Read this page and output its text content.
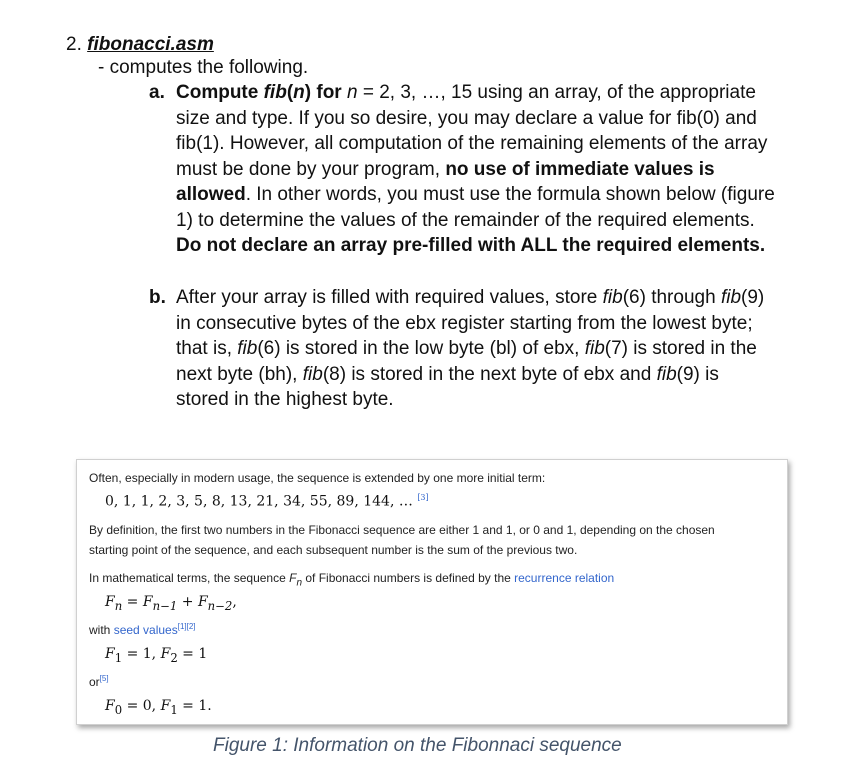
2. fibonacci.asm
- computes the following.
a. Compute fib(n) for n = 2, 3, …, 15 using an array, of the appropriate size and type. If you so desire, you may declare a value for fib(0) and fib(1). However, all computation of the remaining elements of the array must be done by your program, no use of immediate values is allowed. In other words, you must use the formula shown below (figure 1) to determine the values of the remainder of the required elements. Do not declare an array pre-filled with ALL the required elements.
b. After your array is filled with required values, store fib(6) through fib(9) in consecutive bytes of the ebx register starting from the lowest byte; that is, fib(6) is stored in the low byte (bl) of ebx, fib(7) is stored in the next byte (bh), fib(8) is stored in the next byte of ebx and fib(9) is stored in the highest byte.
Often, especially in modern usage, the sequence is extended by one more initial term:
0, 1, 1, 2, 3, 5, 8, 13, 21, 34, 55, 89, 144, … [3]
By definition, the first two numbers in the Fibonacci sequence are either 1 and 1, or 0 and 1, depending on the chosen
starting point of the sequence, and each subsequent number is the sum of the previous two.
In mathematical terms, the sequence $F_n$ of Fibonacci numbers is defined by the recurrence relation
$F_n = F_{n-1} + F_{n-2}$,
with seed values[1][2]
$F_1 = 1$, $F_2 = 1$
or[5]
$F_0 = 0$, $F_1 = 1$.
Figure 1: Information on the Fibonnaci sequence
